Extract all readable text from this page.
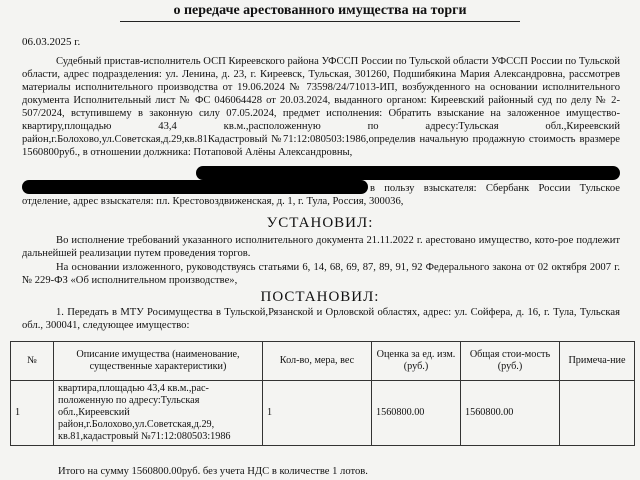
о передаче арестованного имущества на торги
06.03.2025 г.

Судебный пристав-исполнитель ОСП Киреевского района УФССП России по Тульской области УФССП России по Тульской области, адрес подразделения: ул. Ленина, д. 23, г. Киреевск, Тульская, 301260, Подшибякина Мария Александровна, рассмотрев материалы исполнительного производства от 19.06.2024 № 73598/24/71013-ИП, возбужденного на основании исполнительного документа Исполнительный лист № ФС 046064428 от 20.03.2024, выданного органом: Киреевский районный суд по делу № 2-507/2024, вступившему в законную силу 07.05.2024, предмет исполнения: Обратить взыскание на заложенное имущество-квартиру,площадью 43,4 кв.м.,расположенную по адресу:Тульская обл.,Киреевский район,г.Болохово,ул.Советская,д.29,кв.81Кадастровый №71:12:080503:1986,определив начальную продажную стоимость вразмере 1560800руб., в отношении должника: Потаповой Алёны Александровны,

в пользу взыскателя: Сбербанк России Тульское отделение, адрес взыскателя: пл. Крестовоздвиженская, д. 1, г. Тула, Россия, 300036,

УСТАНОВИЛ:

Во исполнение требований указанного исполнительного документа 21.11.2022 г. арестовано имущество, кото-рое подлежит дальнейшей реализации путем проведения торгов.

На основании изложенного, руководствуясь статьями 6, 14, 68, 69, 87, 89, 91, 92 Федерального закона от 02 октября 2007 г. № 229-ФЗ «Об исполнительном производстве»,

ПОСТАНОВИЛ:

1. Передать в МТУ Росимущества в Тульской,Рязанской и Орловской областях, адрес: ул. Сойфера, д. 16, г. Тула, Тульская обл., 300041, следующее имущество:

№	Описание имущества (наименование, существенные характеристики)	Кол-во, мера, вес	Оценка за ед. изм. (руб.)	Общая стои-мость (руб.)	Примеча-ние
1	квартира,площадью 43,4 кв.м.,рас-положенную по адресу:Тульская обл.,Киреевский район,г.Болохово,ул.Советская,д.29, кв.81,кадастровый №71:12:080503:1986	1	1560800.00	1560800.00	
Итого на сумму 1560800.00руб. без учета НДС в количестве 1 лотов.
